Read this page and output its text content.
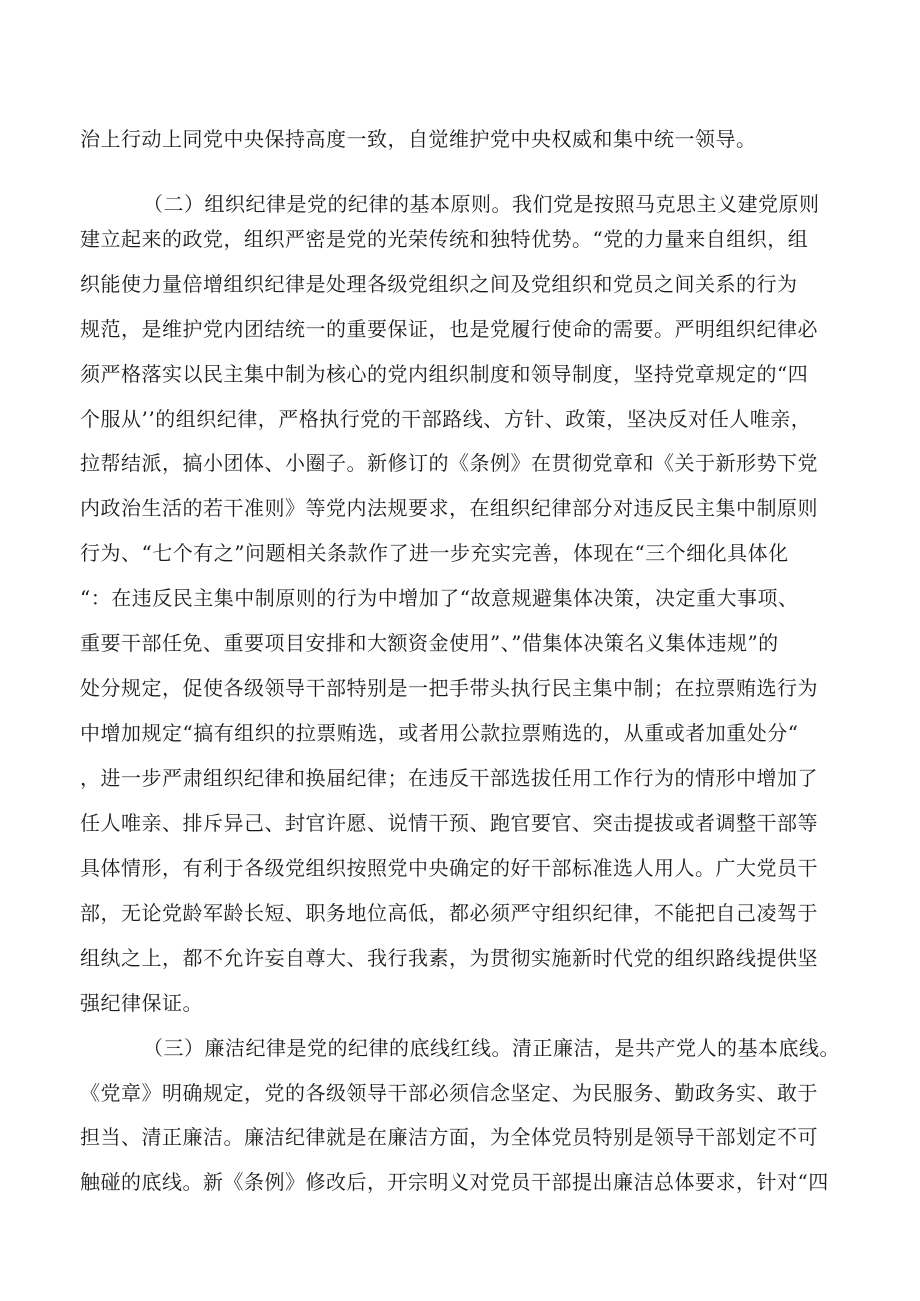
治上行动上同党中央保持高度一致，自觉维护党中央权威和集中统一领导。
（二）组织纪律是党的纪律的基本原则。我们党是按照马克思主义建党原则
建立起来的政党，组织严密是党的光荣传统和独特优势。“党的力量来自组织，组
织能使力量倍增组织纪律是处理各级党组织之间及党组织和党员之间关系的行为
规范，是维护党内团结统一的重要保证，也是党履行使命的需要。严明组织纪律必
须严格落实以民主集中制为核心的党内组织制度和领导制度，坚持党章规定的“四
个服从’’的组织纪律，严格执行党的干部路线、方针、政策，坚决反对任人唯亲，
拉帮结派，搞小团体、小圈子。新修订的《条例》在贯彻党章和《关于新形势下党
内政治生活的若干准则》等党内法规要求，在组织纪律部分对违反民主集中制原则
行为、“七个有之”问题相关条款作了进一步充实完善，体现在“三个细化具体化
“：在违反民主集中制原则的行为中增加了“故意规避集体决策，决定重大事项、
重要干部任免、重要项目安排和大额资金使用”、”借集体决策名义集体违规”的
处分规定，促使各级领导干部特别是一把手带头执行民主集中制；在拉票贿选行为
中增加规定“搞有组织的拉票贿选，或者用公款拉票贿选的，从重或者加重处分“
，进一步严肃组织纪律和换届纪律；在违反干部选拔任用工作行为的情形中增加了
任人唯亲、排斥异己、封官许愿、说情干预、跑官要官、突击提拔或者调整干部等
具体情形，有利于各级党组织按照党中央确定的好干部标准选人用人。广大党员干
部，无论党龄军龄长短、职务地位高低，都必须严守组织纪律，不能把自己凌驾于
组纨之上，都不允许妄自尊大、我行我素，为贯彻实施新时代党的组织路线提供坚
强纪律保证。
（三）廉洁纪律是党的纪律的底线红线。清正廉洁，是共产党人的基本底线。
《党章》明确规定，党的各级领导干部必须信念坚定、为民服务、勤政务实、敢于
担当、清正廉洁。廉洁纪律就是在廉洁方面，为全体党员特别是领导干部划定不可
触碰的底线。新《条例》修改后，开宗明义对党员干部提出廉洁总体要求，针对“四
